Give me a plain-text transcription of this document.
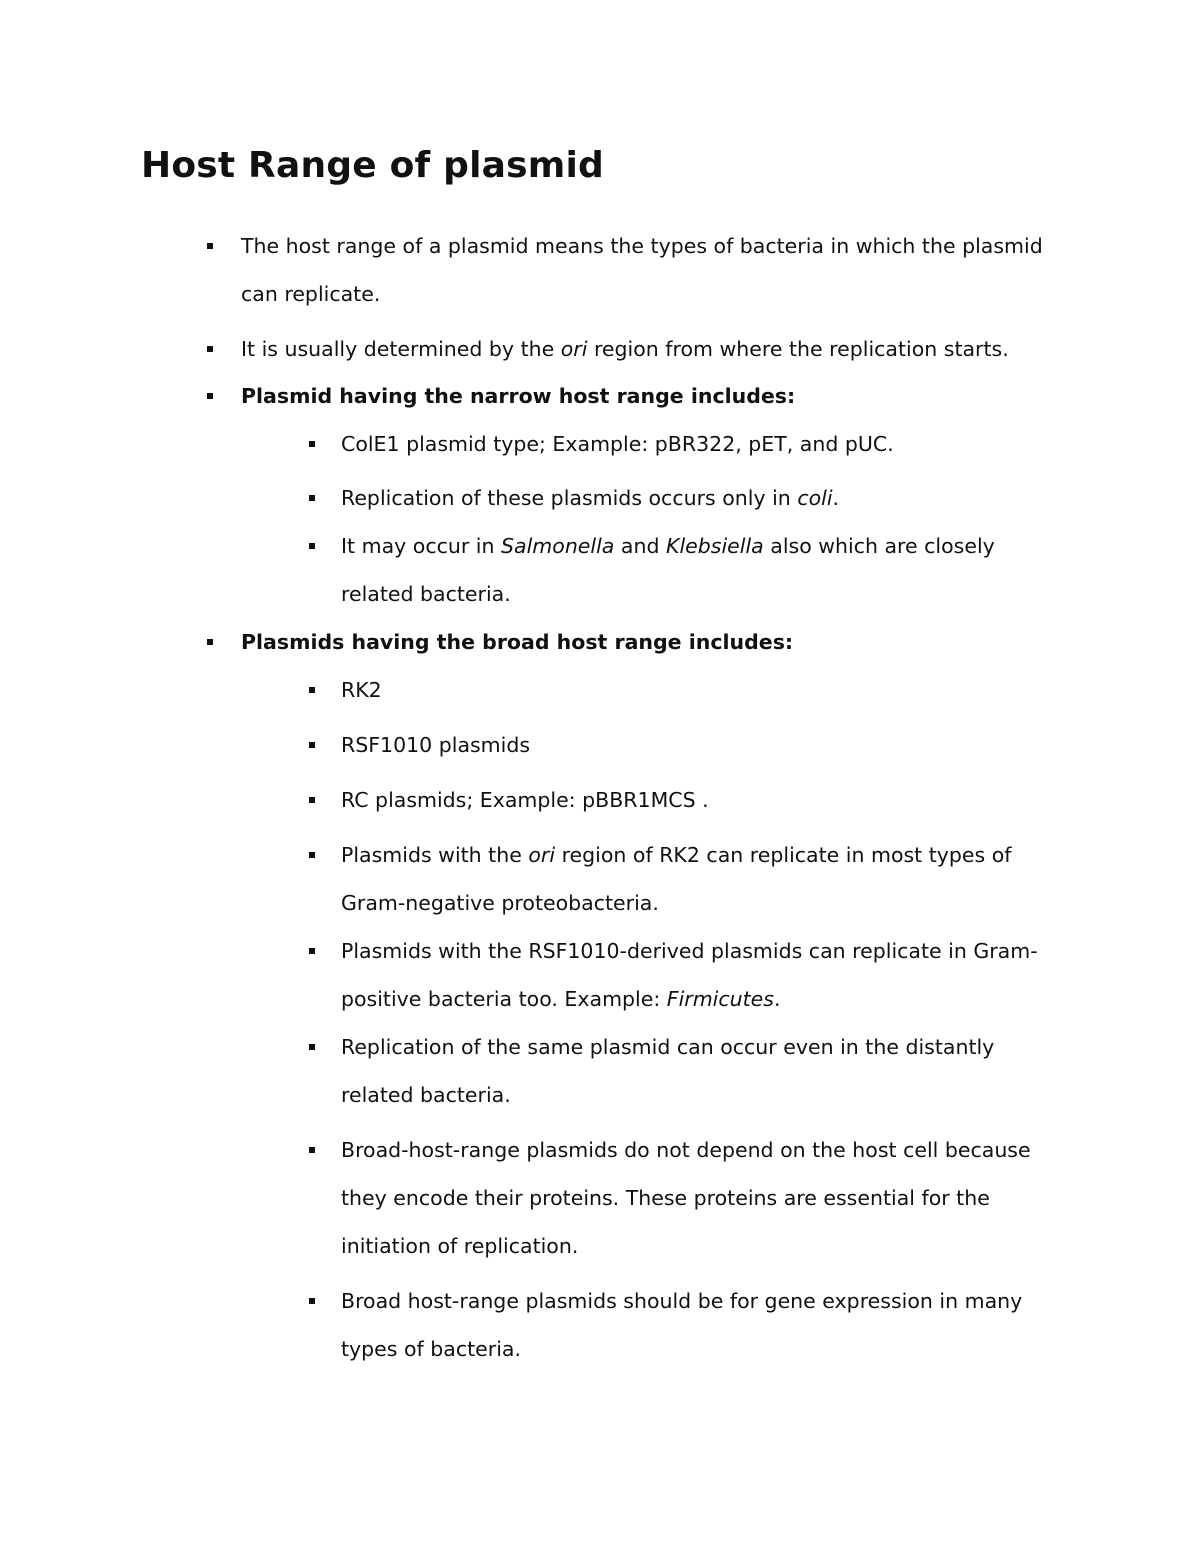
Host Range of plasmid
The host range of a plasmid means the types of bacteria in which the plasmid can replicate.
It is usually determined by the ori region from where the replication starts.
Plasmid having the narrow host range includes:
ColE1 plasmid type; Example: pBR322, pET, and pUC.
Replication of these plasmids occurs only in coli.
It may occur in Salmonella and Klebsiella also which are closely related bacteria.
Plasmids having the broad host range includes:
RK2
RSF1010 plasmids
RC plasmids; Example: pBBR1MCS .
Plasmids with the ori region of RK2 can replicate in most types of Gram-negative proteobacteria.
Plasmids with the RSF1010-derived plasmids can replicate in Gram-positive bacteria too. Example: Firmicutes.
Replication of the same plasmid can occur even in the distantly related bacteria.
Broad-host-range plasmids do not depend on the host cell because they encode their proteins. These proteins are essential for the initiation of replication.
Broad host-range plasmids should be for gene expression in many types of bacteria.
